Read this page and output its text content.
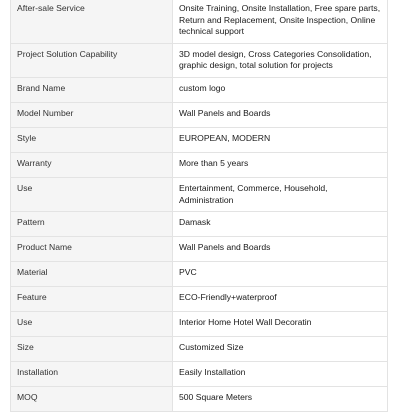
After-sale Service	Onsite Training, Onsite Installation, Free spare parts, Return and Replacement, Onsite Inspection, Online technical support
Project Solution Capability	3D model design, Cross Categories Consolidation, graphic design, total solution for projects
Brand Name	custom logo
Model Number	Wall Panels and Boards
Style	EUROPEAN, MODERN
Warranty	More than 5 years
Use	Entertainment, Commerce, Household, Administration
Pattern	Damask
Product Name	Wall Panels and Boards
Material	PVC
Feature	ECO-Friendly+waterproof
Use	Interior Home Hotel Wall Decoratin
Size	Customized Size
Installation	Easily Installation
MOQ	500 Square Meters
